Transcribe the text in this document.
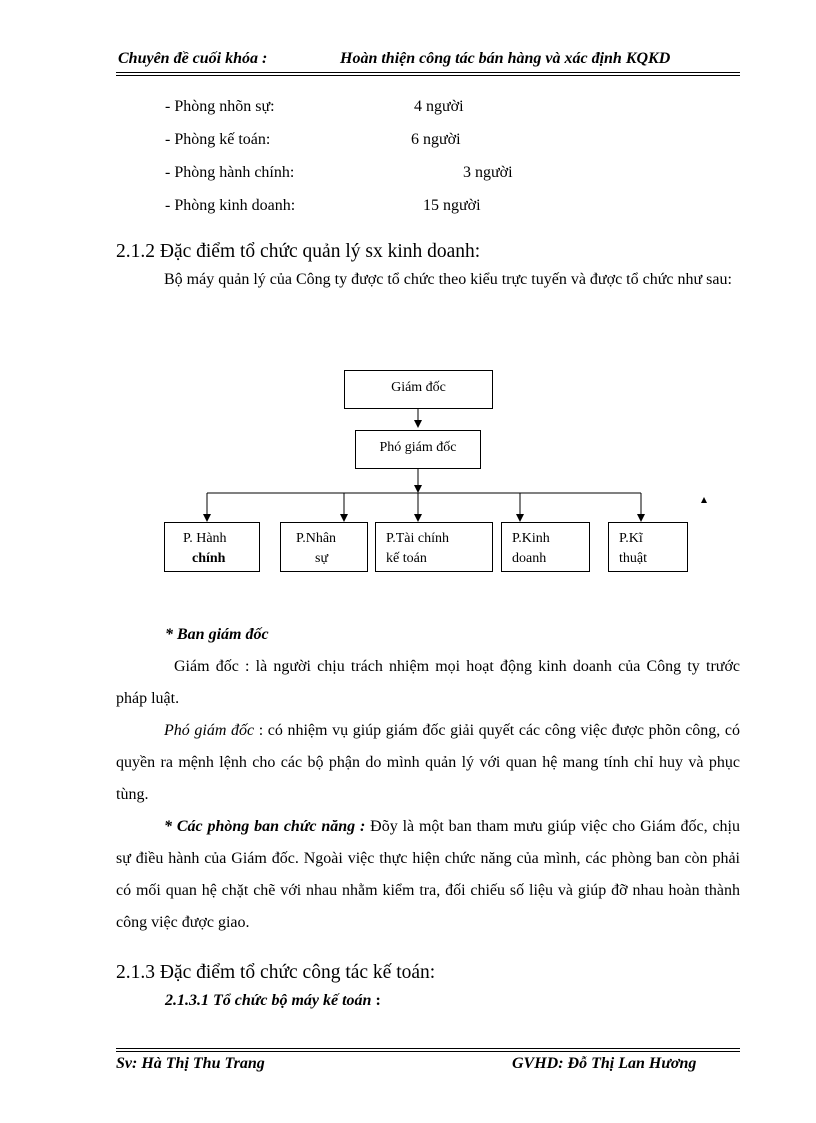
Chuyên đề cuối khóa :	Hoàn thiện công tác bán hàng và xác định KQKD
- Phòng nhõn sự:	4 người
- Phòng kế toán:	6 người
- Phòng hành chính:	3 người
- Phòng kinh doanh:	15 người
2.1.2 Đặc điểm tổ chức quản lý sx kinh doanh:
Bộ máy quản lý của Công ty được tổ chức theo kiểu trực tuyến và được tổ chức như sau:
Giám đốc
Phó giám đốc
P. Hành
chính
P.Nhân
sự
P.Tài chính
kế toán
P.Kinh
doanh
P.Kĩ
thuật
* Ban giám đốc
Giám đốc : là người chịu trách nhiệm mọi hoạt động kinh doanh của Công ty trước pháp luật.
Phó giám đốc : có nhiệm vụ giúp giám đốc giải quyết các công việc được phõn công, có quyền ra mệnh lệnh cho các bộ phận do mình quản lý với quan hệ mang tính chỉ huy và phục tùng.
* Các phòng ban chức năng : Đõy là một ban tham mưu giúp việc cho Giám đốc, chịu sự điều hành của Giám đốc. Ngoài việc thực hiện chức năng của mình, các phòng ban còn phải có mối quan hệ chặt chẽ với nhau nhằm kiểm tra, đối chiếu số liệu và giúp đỡ nhau hoàn thành công việc được giao.
2.1.3 Đặc điểm tổ chức công tác kế toán:
2.1.3.1 Tổ chức bộ máy kế toán :
Sv: Hà Thị Thu Trang	GVHD: Đỗ Thị Lan Hương
